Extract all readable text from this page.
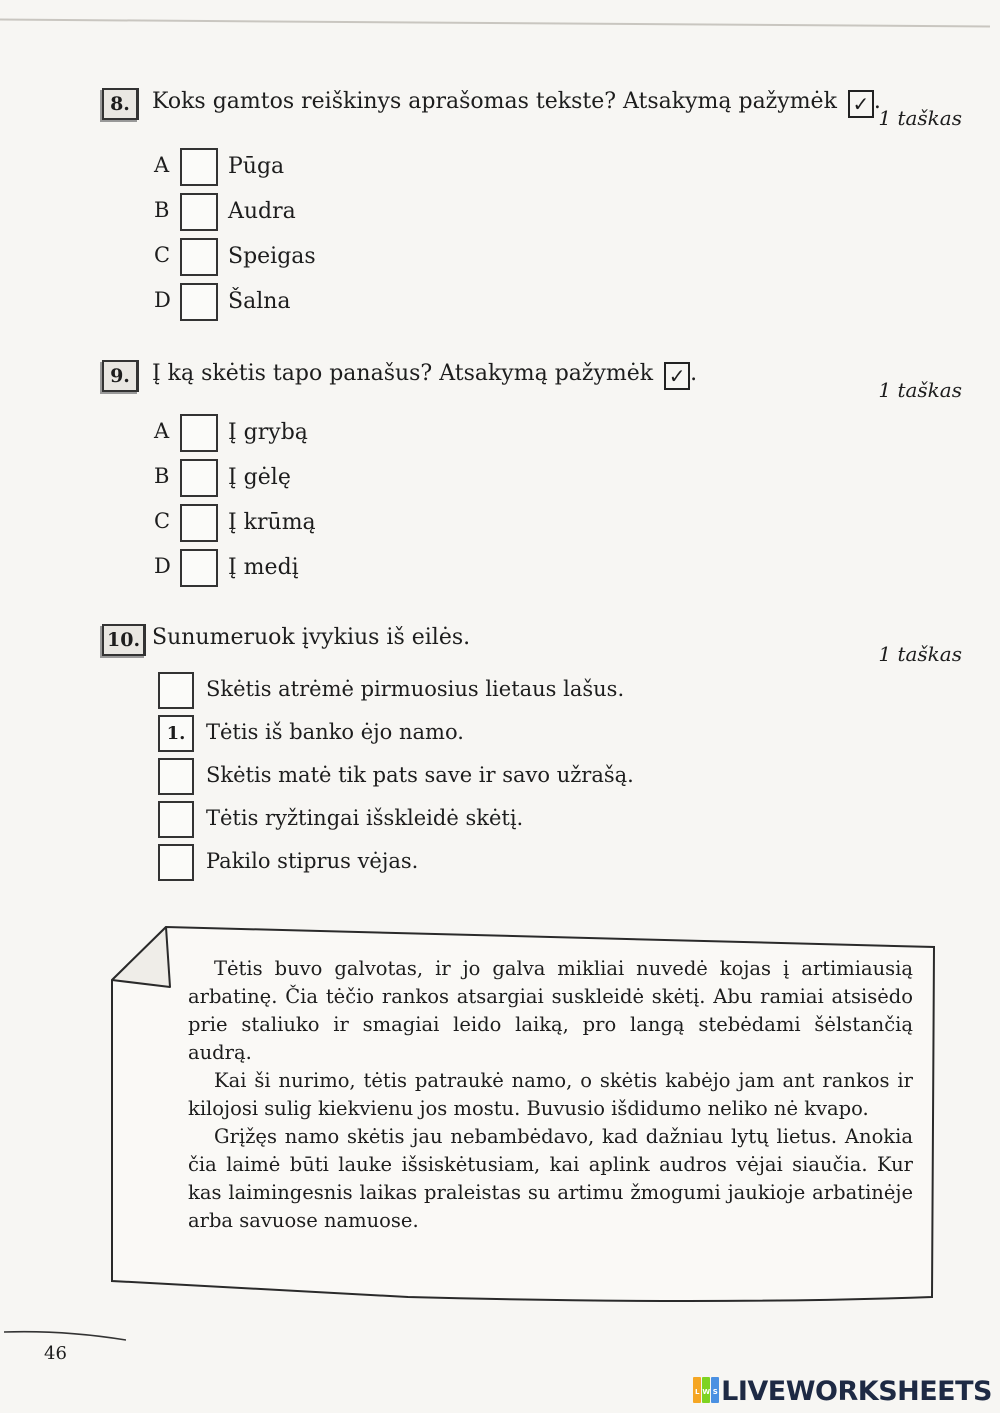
8.	Koks gamtos reiškinys aprašomas tekste? Atsakymą pažymėk ✓ .
1 taškas
A	Pūga
B	Audra
C	Speigas
D	Šalna
9.	Į ką skėtis tapo panašus? Atsakymą pažymėk ✓ .
1 taškas
A	Į grybą
B	Į gėlę
C	Į krūmą
D	Į medį
10. Sunumeruok įvykius iš eilės.
1 taškas
Skėtis atrėmė pirmuosius lietaus lašus.
1. Tėtis iš banko ėjo namo.
Skėtis matė tik pats save ir savo užrašą.
Tėtis ryžtingai išskleidė skėtį.
Pakilo stiprus vėjas.

Tėtis buvo galvotas, ir jo galva mikliai nuvedė kojas į artimiausią arbatinę. Čia tėčio rankos atsargiai suskleidė skėtį. Abu ramiai atsisėdo prie staliuko ir smagiai leido laiką, pro langą stebėdami šėlstančią audrą.

Kai ši nurimo, tėtis patraukė namo, o skėtis kabėjo jam ant rankos ir kilojosi sulig kiekvienu jos mostu. Buvusio išdidumo neliko nė kvapo.

Grįžęs namo skėtis jau nebambėdavo, kad dažniau lytų lietus. Anokia čia laimė būti lauke išsiskėtusiam, kai aplink audros vėjai siaučia. Kur kas laimingesnis laikas praleistas su artimu žmogumi jaukioje arbatinėje arba savuose namuose.

46
L W S LIVEWORKSHEETS
